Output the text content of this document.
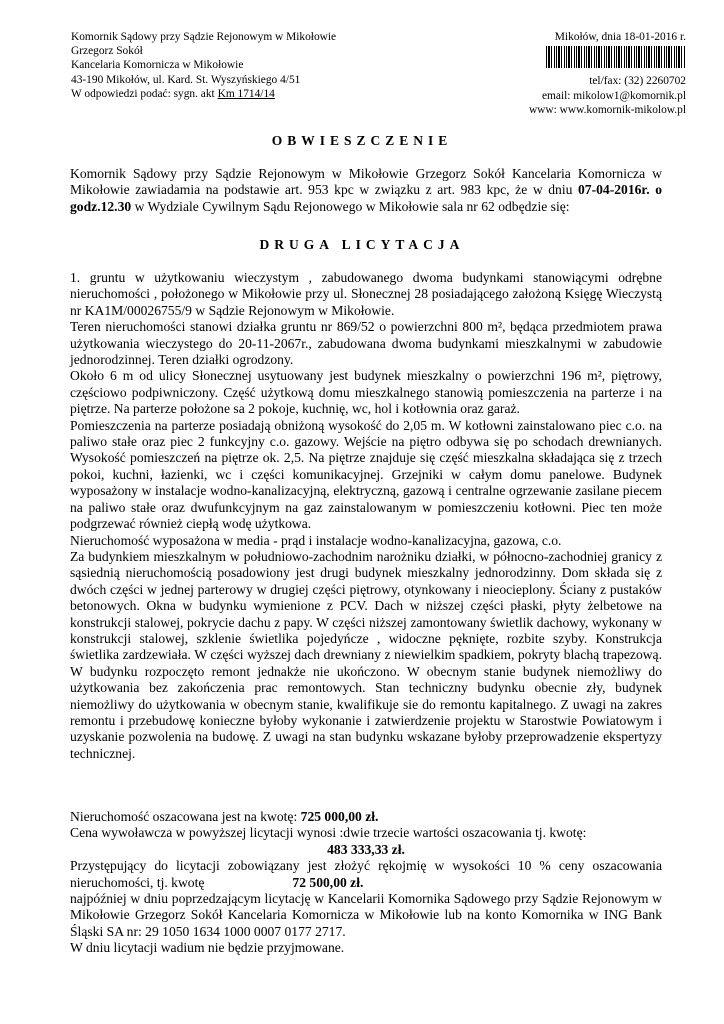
Komornik Sądowy przy Sądzie Rejonowym w Mikołowie
Grzegorz Sokół
Kancelaria Komornicza w Mikołowie
43-190 Mikołów, ul. Kard. St. Wyszyńskiego 4/51
W odpowiedzi podać: sygn. akt Km 1714/14
Mikołów, dnia 18-01-2016 r.
tel/fax: (32) 2260702
email: mikolow1@komornik.pl
www: www.komornik-mikolow.pl
OBWIESZCZENIE
Komornik Sądowy przy Sądzie Rejonowym w Mikołowie Grzegorz Sokół Kancelaria Komornicza w Mikołowie zawiadamia na podstawie art. 953 kpc w związku z art. 983 kpc, że w dniu 07-04-2016r. o godz.12.30 w Wydziale Cywilnym Sądu Rejonowego w Mikołowie sala nr 62 odbędzie się:
DRUGA LICYTACJA
1. gruntu w użytkowaniu wieczystym , zabudowanego dwoma budynkami stanowiącymi odrębne nieruchomości , położonego w Mikołowie przy ul. Słonecznej 28 posiadającego założoną Księgę Wieczystą nr KA1M/00026755/9 w Sądzie Rejonowym w Mikołowie.
Teren nieruchomości stanowi działka gruntu nr 869/52 o powierzchni 800 m², będąca przedmiotem prawa użytkowania wieczystego do 20-11-2067r., zabudowana dwoma budynkami mieszkalnymi w zabudowie jednorodzinnej. Teren działki ogrodzony.
Około 6 m od ulicy Słonecznej usytuowany jest budynek mieszkalny o powierzchni 196 m², piętrowy, częściowo podpiwniczony. Część użytkową domu mieszkalnego stanowią pomieszczenia na parterze i na piętrze. Na parterze położone sa 2 pokoje, kuchnię, wc, hol i kotłownia oraz garaż.
Pomieszczenia na parterze posiadają obniżoną wysokość do 2,05 m. W kotłowni zainstalowano piec c.o. na paliwo stałe oraz piec 2 funkcyjny c.o. gazowy. Wejście na piętro odbywa się po schodach drewnianych. Wysokość pomieszczeń na piętrze ok. 2,5. Na piętrze znajduje się część mieszkalna składająca się z trzech pokoi, kuchni, łazienki, wc i części komunikacyjnej. Grzejniki w całym domu panelowe. Budynek wyposażony w instalacje wodno-kanalizacyjną, elektryczną, gazową i centralne ogrzewanie zasilane piecem na paliwo stałe oraz dwufunkcyjnym na gaz zainstalowanym w pomieszczeniu kotłowni. Piec ten może podgrzewać również ciepłą wodę użytkowa.
Nieruchomość wyposażona w media - prąd i instalacje wodno-kanalizacyjna, gazowa, c.o.
Za budynkiem mieszkalnym w południowo-zachodnim narożniku działki, w północno-zachodniej granicy z sąsiednią nieruchomością posadowiony jest drugi budynek mieszkalny jednorodzinny. Dom składa się z dwóch części w jednej parterowy w drugiej części piętrowy, otynkowany i nieocieplony. Ściany z pustaków betonowych. Okna w budynku wymienione z PCV. Dach w niższej części płaski, płyty żelbetowe na konstrukcji stalowej, pokrycie dachu z papy. W części niższej zamontowany świetlik dachowy, wykonany w konstrukcji stalowej, szklenie świetlika pojedyńcze , widoczne pęknięte, rozbite szyby. Konstrukcja świetlika zardzewiała. W części wyższej dach drewniany z niewielkim spadkiem, pokryty blachą trapezową. W budynku rozpoczęto remont jednakże nie ukończono. W obecnym stanie budynek niemożliwy do użytkowania bez zakończenia prac remontowych. Stan techniczny budynku obecnie zły, budynek niemożliwy do użytkowania w obecnym stanie, kwalifikuje sie do remontu kapitalnego. Z uwagi na zakres remontu i przebudowę konieczne byłoby wykonanie i zatwierdzenie projektu w Starostwie Powiatowym i uzyskanie pozwolenia na budowę. Z uwagi na stan budynku wskazane byłoby przeprowadzenie ekspertyzy technicznej.
Nieruchomość oszacowana jest na kwotę: 725 000,00 zł.
Cena wywoławcza w powyższej licytacji wynosi :dwie trzecie wartości oszacowania tj. kwotę:
483 333,33 zł.
Przystępujący do licytacji zobowiązany jest złożyć rękojmię w wysokości 10 % ceny oszacowania nieruchomości, tj. kwotę	72 500,00 zł.
najpóźniej w dniu poprzedzającym licytację w Kancelarii Komornika Sądowego przy Sądzie Rejonowym w Mikołowie Grzegorz Sokół Kancelaria Komornicza w Mikołowie lub na konto Komornika w ING Bank Śląski SA nr: 29 1050 1634 1000 0007 0177 2717.
W dniu licytacji wadium nie będzie przyjmowane.
